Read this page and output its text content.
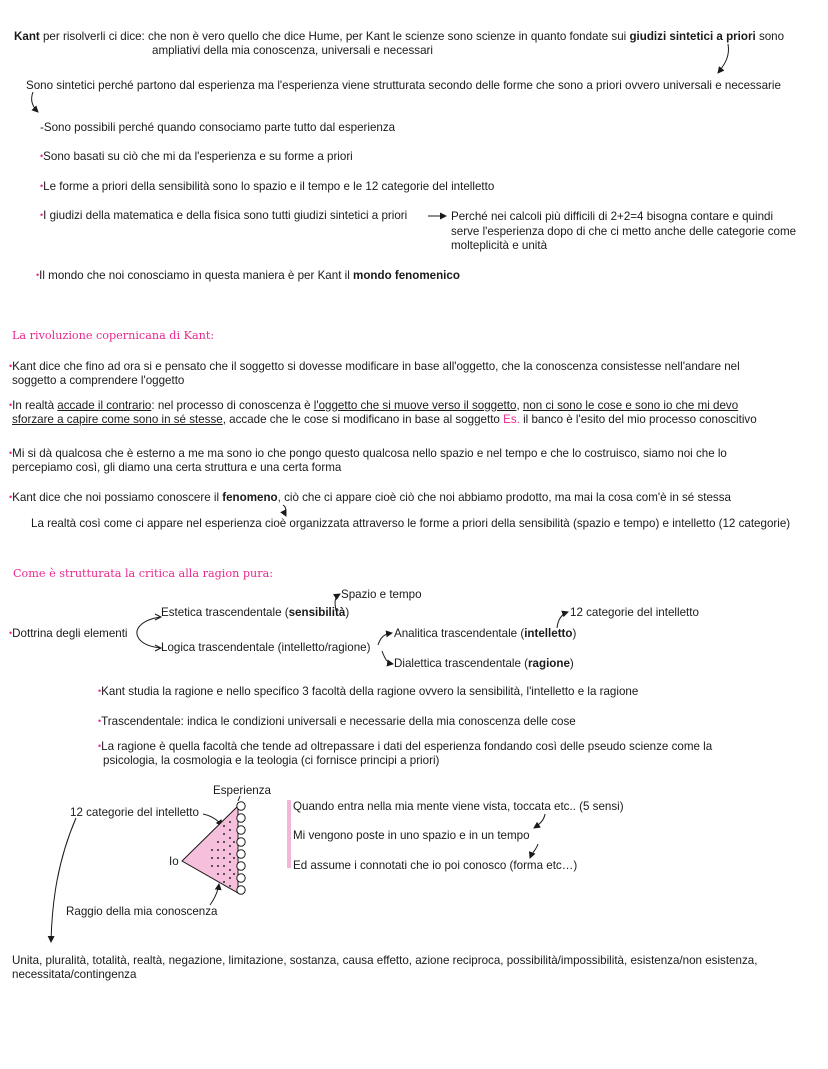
Kant per risolverli ci dice: che non è vero quello che dice Hume, per Kant le scienze sono scienze in quanto fondate sui giudizi sintetici a priori sono
ampliativi della mia conoscenza, universali e necessari
Sono sintetici perché partono dal esperienza ma l'esperienza viene strutturata secondo delle forme che sono a priori ovvero universali e necessarie
-Sono possibili perché quando consociamo parte tutto dal esperienza
•Sono basati su ciò che mi da l'esperienza e su forme a priori
•Le forme a priori della sensibilità sono lo spazio e il tempo e le 12 categorie del intelletto
•I giudizi della matematica e della fisica sono tutti giudizi sintetici a priori	Perché nei calcoli più difficili di 2+2=4 bisogna contare e quindi
serve l'esperienza dopo di che ci metto anche delle categorie come
molteplicità e unità
•Il mondo che noi conosciamo in questa maniera è per Kant il mondo fenomenico
La rivoluzione copernicana di Kant:
•Kant dice che fino ad ora si e pensato che il soggetto si dovesse modificare in base all'oggetto, che la conoscenza consistesse nell'andare nel
soggetto a comprendere l'oggetto
•In realtà accade il contrario: nel processo di conoscenza è l'oggetto che si muove verso il soggetto, non ci sono le cose e sono io che mi devo
sforzare a capire come sono in sé stesse, accade che le cose si modificano in base al soggetto Es. il banco è l'esito del mio processo conoscitivo
•Mi si dà qualcosa che è esterno a me ma sono io che pongo questo qualcosa nello spazio e nel tempo e che lo costruisco, siamo noi che lo
percepiamo così, gli diamo una certa struttura e una certa forma
•Kant dice che noi possiamo conoscere il fenomeno, ciò che ci appare cioè ciò che noi abbiamo prodotto, ma mai la cosa com'è in sé stessa
La realtà così come ci appare nel esperienza cioè organizzata attraverso le forme a priori della sensibilità (spazio e tempo) e intelletto (12 categorie)
Come è strutturata la critica alla ragion pura:
Spazio e tempo
Estetica trascendentale (sensibilità)
•Dottrina degli elementi
Logica trascendentale (intelletto/ragione)
12 categorie del intelletto
Analitica trascendentale (intelletto)
Dialettica trascendentale (ragione)
•Kant studia la ragione e nello specifico 3 facoltà della ragione ovvero la sensibilità, l'intelletto e la ragione
•Trascendentale: indica le condizioni universali e necessarie della mia conoscenza delle cose
•La ragione è quella facoltà che tende ad oltrepassare i dati del esperienza fondando così delle pseudo scienze come la
psicologia, la cosmologia e la teologia (ci fornisce principi a priori)
Esperienza
12 categorie del intelletto
Io
Raggio della mia conoscenza
Quando entra nella mia mente viene vista, toccata etc.. (5 sensi)
Mi vengono poste in uno spazio e in un tempo
Ed assume i connotati che io poi conosco (forma etc…)
Unita, pluralità, totalità, realtà, negazione, limitazione, sostanza, causa effetto, azione reciproca, possibilità/impossibilità, esistenza/non esistenza,
necessitata/contingenza
